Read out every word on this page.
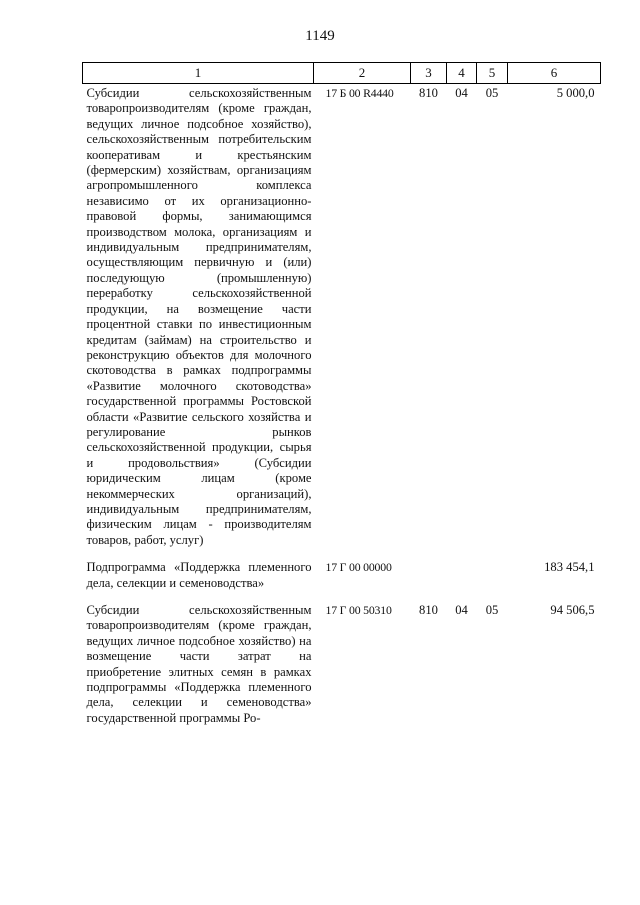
1149
1	2	3	4	5	6
Субсидии сельскохозяйственным товаропроизводителям (кроме граждан, ведущих личное подсобное хозяйство), сельскохозяйственным потребительским кооперативам и крестьянским (фермерским) хозяйствам, организациям агропромышленного комплекса независимо от их организационно-правовой формы, занимающимся производством молока, организациям и индивидуальным предпринимателям, осуществляющим первичную и (или) последующую (промышленную) переработку сельскохозяйственной продукции, на возмещение части процентной ставки по инвестиционным кредитам (займам) на строительство и реконструкцию объектов для молочного скотоводства в рамках подпрограммы «Развитие молочного скотоводства» государственной программы Ростовской области «Развитие сельского хозяйства и регулирование рынков сельскохозяйственной продукции, сырья и продовольствия» (Субсидии юридическим лицам (кроме некоммерческих организаций), индивидуальным предпринимателям, физическим лицам - производителям товаров, работ, услуг)	17 Б 00 R4440	810	04	05	5 000,0

Подпрограмма «Поддержка племенного дела, селекции и семеноводства»	17 Г 00 00000				183 454,1

Субсидии сельскохозяйственным товаропроизводителям (кроме граждан, ведущих личное подсобное хозяйство) на возмещение части затрат на приобретение элитных семян в рамках подпрограммы «Поддержка племенного дела, селекции и семеноводства» государственной программы Ро-	17 Г 00 50310	810	04	05	94 506,5
